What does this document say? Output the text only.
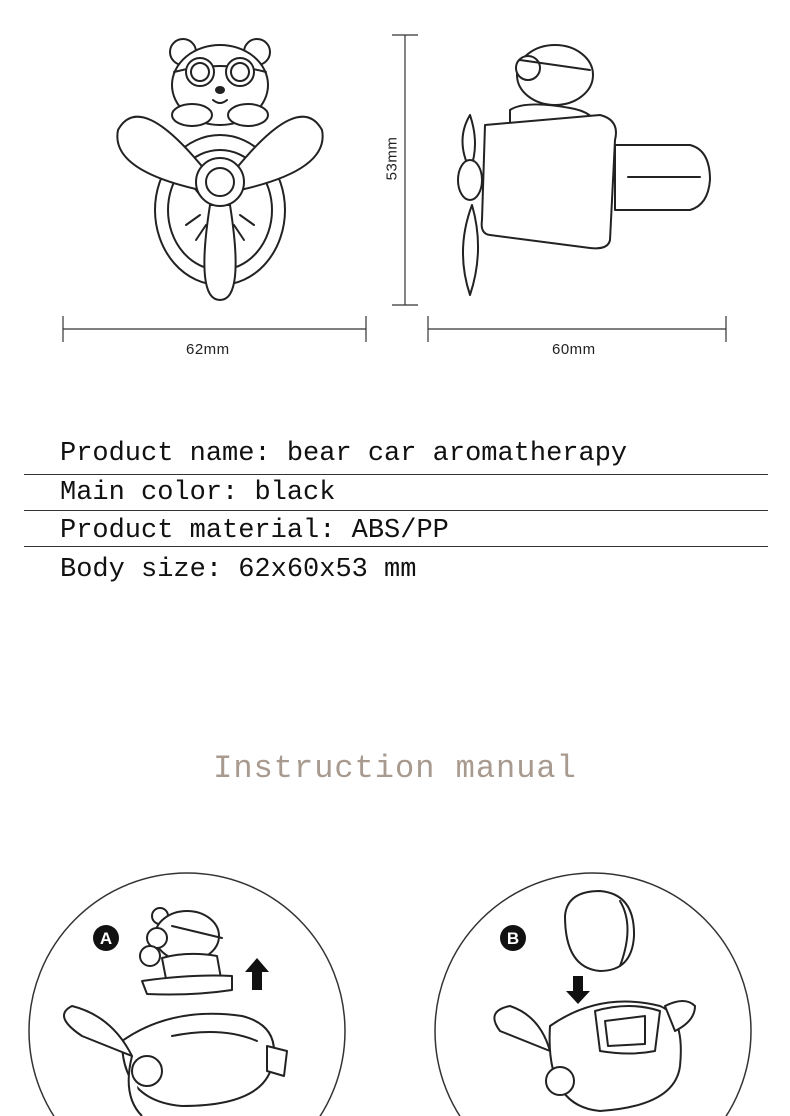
53mm
62mm	60mm
Product name: bear car aromatherapy
Main color: black
Product material: ABS/PP
Body size: 62x60x53 mm
Instruction manual
A	B
